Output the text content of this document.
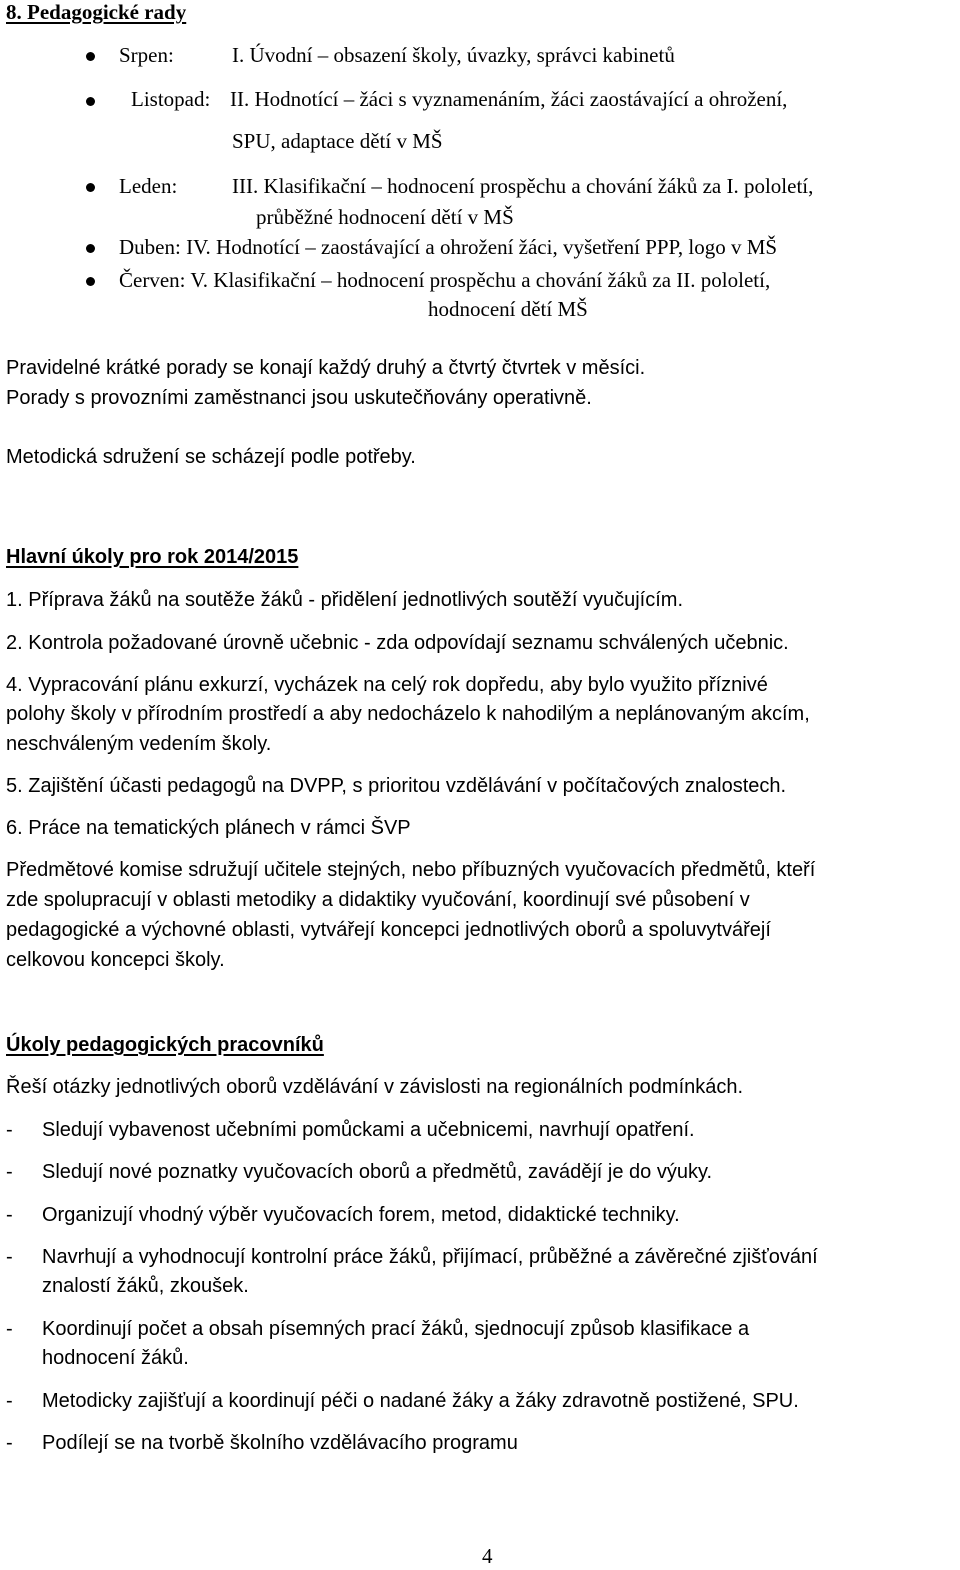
8. Pedagogické rady
Srpen:	I. Úvodní – obsazení školy, úvazky, správci kabinetů
Listopad: II. Hodnotící – žáci s vyznamenáním, žáci zaostávající a ohrožení,
SPU, adaptace dětí v MŠ
Leden:	III. Klasifikační – hodnocení prospěchu a chování žáků za I. pololetí,
průběžné hodnocení dětí v MŠ
Duben: IV. Hodnotící – zaostávající a ohrožení žáci, vyšetření PPP, logo v MŠ
Červen: V. Klasifikační – hodnocení prospěchu a chování žáků za II. pololetí,
hodnocení dětí MŠ
Pravidelné krátké porady se konají každý druhý a čtvrtý čtvrtek v měsíci.
Porady s provozními zaměstnanci jsou uskutečňovány operativně.
Metodická sdružení se scházejí podle potřeby.
Hlavní úkoly pro rok 2014/2015
1. Příprava žáků na soutěže žáků - přidělení jednotlivých soutěží vyučujícím.
2. Kontrola požadované úrovně učebnic - zda odpovídají seznamu schválených učebnic.
4. Vypracování plánu exkurzí, vycházek na celý rok dopředu, aby bylo využito příznivé
polohy školy v přírodním prostředí a aby nedocházelo k nahodilým a neplánovaným akcím,
neschváleným vedením školy.
5. Zajištění účasti pedagogů na DVPP, s prioritou vzdělávání v počítačových znalostech.
6. Práce na tematických plánech v rámci ŠVP
Předmětové komise sdružují učitele stejných, nebo příbuzných vyučovacích předmětů, kteří
zde spolupracují v oblasti metodiky a didaktiky vyučování, koordinují své působení v
pedagogické a výchovné oblasti, vytvářejí koncepci jednotlivých oborů a spoluvytvářejí
celkovou koncepci školy.
Úkoly pedagogických pracovníků
Řeší otázky jednotlivých oborů vzdělávání v závislosti na regionálních podmínkách.
- Sledují vybavenost učebními pomůckami a učebnicemi, navrhují opatření.
- Sledují nové poznatky vyučovacích oborů a předmětů, zavádějí je do výuky.
- Organizují vhodný výběr vyučovacích forem, metod, didaktické techniky.
- Navrhují a vyhodnocují kontrolní práce žáků, přijímací, průběžné a závěrečné zjišťování
znalostí žáků, zkoušek.
- Koordinují počet a obsah písemných prací žáků, sjednocují způsob klasifikace a
hodnocení žáků.
- Metodicky zajišťují a koordinují péči o nadané žáky a žáky zdravotně postižené, SPU.
- Podílejí se na tvorbě školního vzdělávacího programu
4
